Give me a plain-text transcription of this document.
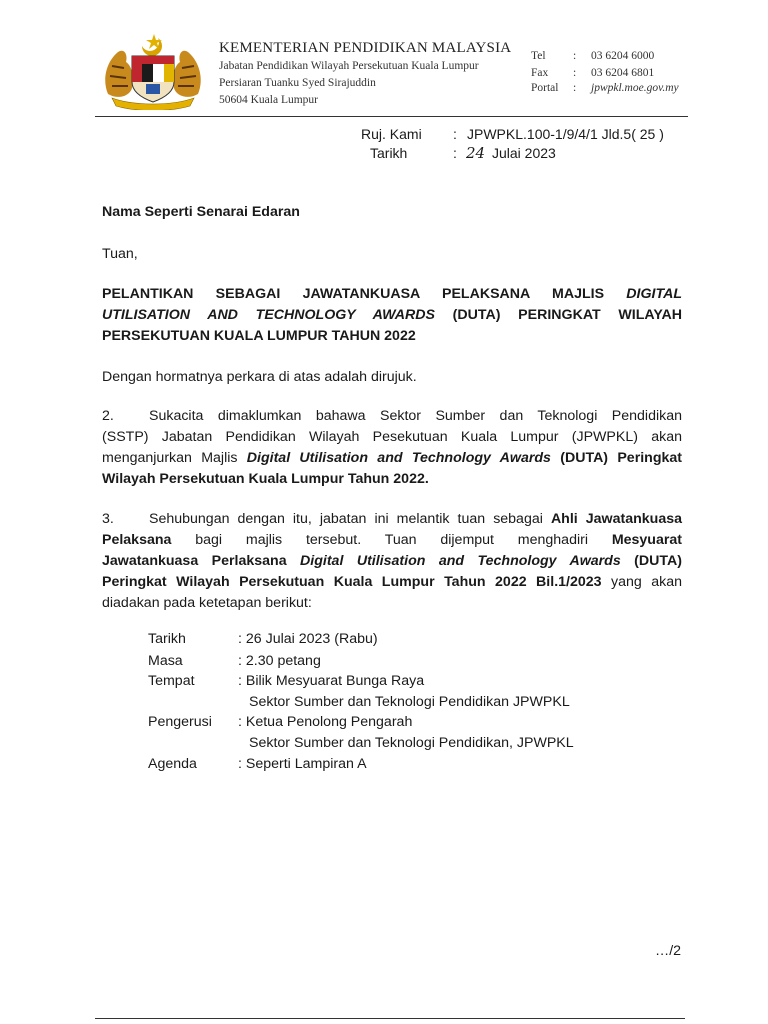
KEMENTERIAN PENDIDIKAN MALAYSIA
Jabatan Pendidikan Wilayah Persekutuan Kuala Lumpur
Persiaran Tuanku Syed Sirajuddin
50604 Kuala Lumpur
Tel : 03 6204 6000
Fax : 03 6204 6801
Portal : jpwpkl.moe.gov.my
Ruj. Kami : JPWPKL.100-1/9/4/1 Jld.5( 25 )
Tarikh	: 24 Julai 2023
Nama Seperti Senarai Edaran
Tuan,
PELANTIKAN SEBAGAI JAWATANKUASA PELAKSANA MAJLIS DIGITAL
UTILISATION AND TECHNOLOGY AWARDS (DUTA) PERINGKAT WILAYAH
PERSEKUTUAN KUALA LUMPUR TAHUN 2022
Dengan hormatnya perkara di atas adalah dirujuk.
2. Sukacita dimaklumkan bahawa Sektor Sumber dan Teknologi Pendidikan
(SSTP) Jabatan Pendidikan Wilayah Pesekutuan Kuala Lumpur (JPWPKL) akan
menganjurkan Majlis Digital Utilisation and Technology Awards (DUTA) Peringkat
Wilayah Persekutuan Kuala Lumpur Tahun 2022.
3. Sehubungan dengan itu, jabatan ini melantik tuan sebagai Ahli Jawatankuasa
Pelaksana bagi majlis tersebut. Tuan dijemput menghadiri Mesyuarat
Jawatankuasa Perlaksana Digital Utilisation and Technology Awards (DUTA)
Peringkat Wilayah Persekutuan Kuala Lumpur Tahun 2022 Bil.1/2023 yang akan
diadakan pada ketetapan berikut:
Tarikh	: 26 Julai 2023 (Rabu)
Masa	: 2.30 petang
Tempat	: Bilik Mesyuarat Bunga Raya
Sektor Sumber dan Teknologi Pendidikan JPWPKL
Pengerusi : Ketua Penolong Pengarah
Sektor Sumber dan Teknologi Pendidikan, JPWPKL
Agenda	: Seperti Lampiran A
…/2
